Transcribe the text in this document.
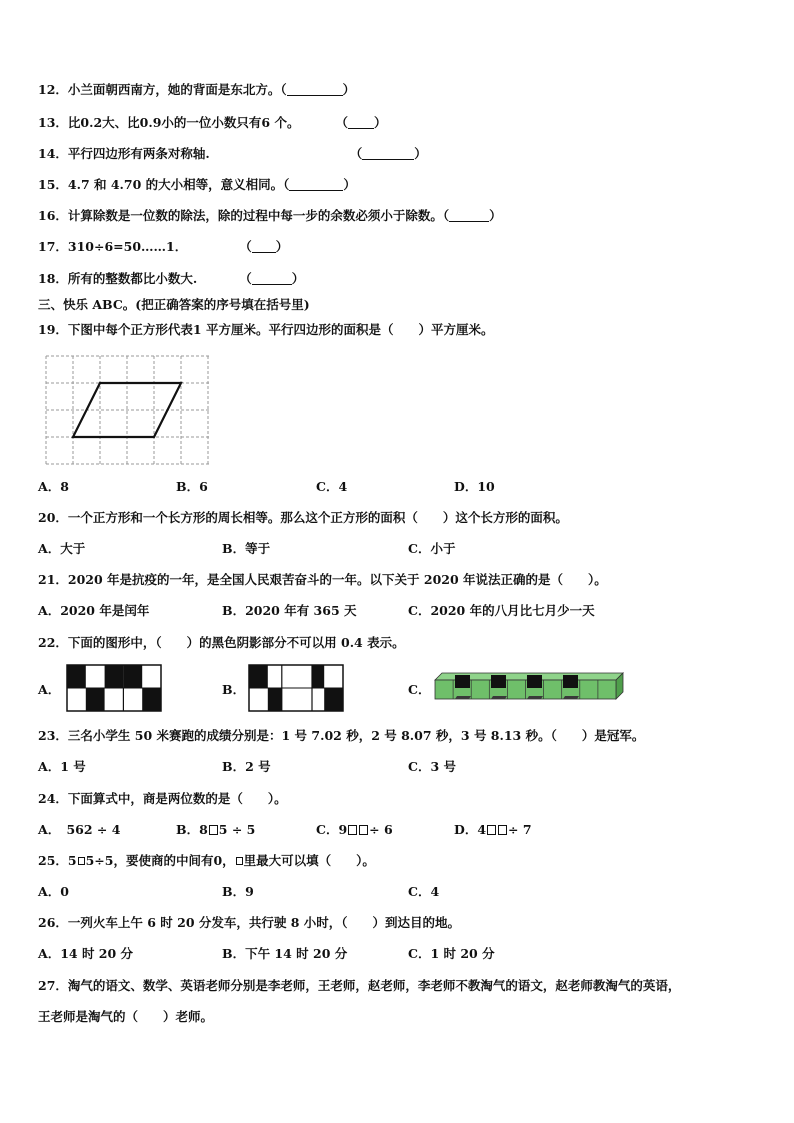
12．小兰面朝西南方，她的背面是东北方。（	）
13．比0.2大、比0.9小的一位小数只有6 个。	（ ）
14．平行四边形有两条对称轴.	（	）
15．4.7 和 4.70 的大小相等，意义相同。（	）
16．计算除数是一位数的除法，除的过程中每一步的余数必须小于除数。（	）
17．310÷6=50……1．	（ ）
18．所有的整数都比小数大.	（	）
三、快乐 ABC。(把正确答案的序号填在括号里)
19．下图中每个正方形代表1 平方厘米。平行四边形的面积是（　　）平方厘米。
A．8	B．6	C．4	D．10
20．一个正方形和一个长方形的周长相等。那么这个正方形的面积（　　）这个长方形的面积。
A．大于	B．等于	C．小于
21．2020 年是抗疫的一年，是全国人民艰苦奋斗的一年。以下关于 2020 年说法正确的是（　　）。
A．2020 年是闰年	B．2020 年有 365 天	C．2020 年的八月比七月少一天
22．下面的图形中，（　　）的黑色阴影部分不可以用 0.4 表示。
A．	B．	C．
23．三名小学生 50 米赛跑的成绩分别是：1 号 7.02 秒，2 号 8.07 秒，3 号 8.13 秒。（　　）是冠军。
A．1 号	B．2 号	C．3 号
24．下面算式中，商是两位数的是（　　）。
A．　562 ÷ 4	B．8 5 ÷ 5	C．9 ÷ 6	D．4 ÷ 7
25．5 5÷5，要使商的中间有0， 里最大可以填（　　）。
A．0	B．9	C．4
26．一列火车上午 6 时 20 分发车，共行驶 8 小时，（　　）到达目的地。
A．14 时 20 分	B．下午 14 时 20 分	C．1 时 20 分
27．淘气的语文、数学、英语老师分别是李老师，王老师，赵老师，李老师不教淘气的语文，赵老师教淘气的英语，
王老师是淘气的（　　）老师。
